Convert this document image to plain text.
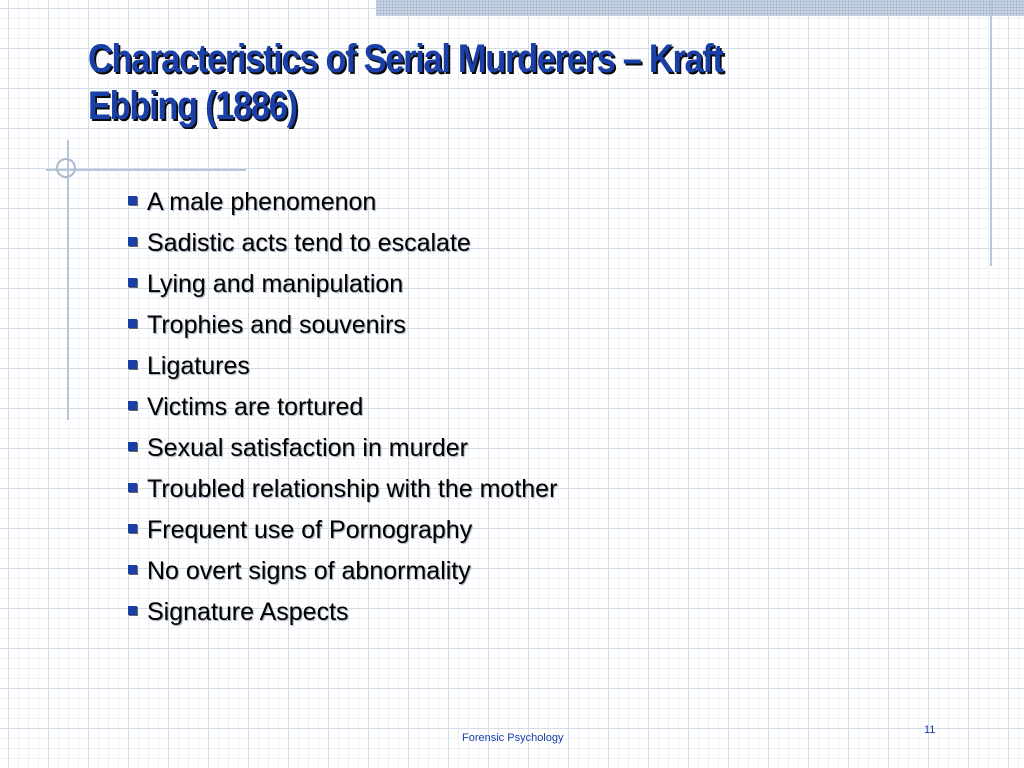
Characteristics of Serial Murderers – Kraft Ebbing (1886)
A male phenomenon
Sadistic acts tend to escalate
Lying and manipulation
Trophies and souvenirs
Ligatures
Victims are tortured
Sexual satisfaction in murder
Troubled relationship with the mother
Frequent use of Pornography
No overt signs of abnormality
Signature Aspects
Forensic Psychology
11
